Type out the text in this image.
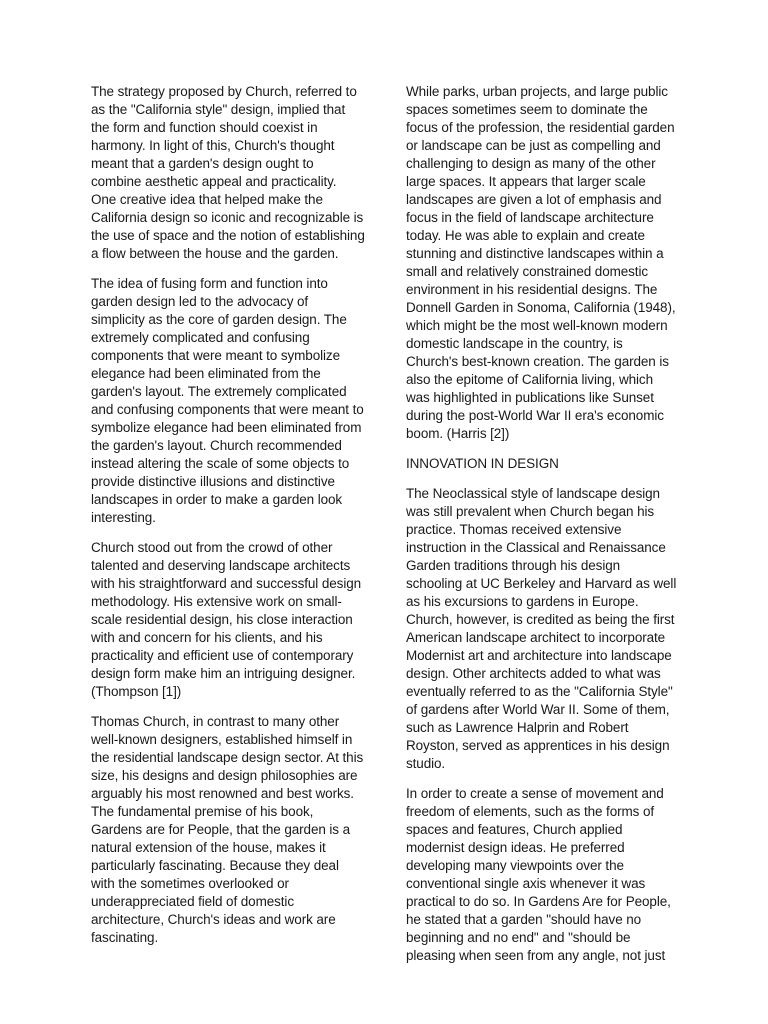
The strategy proposed by Church, referred to as the "California style" design, implied that the form and function should coexist in harmony. In light of this, Church's thought meant that a garden's design ought to combine aesthetic appeal and practicality. One creative idea that helped make the California design so iconic and recognizable is the use of space and the notion of establishing a flow between the house and the garden.

The idea of fusing form and function into garden design led to the advocacy of simplicity as the core of garden design. The extremely complicated and confusing components that were meant to symbolize elegance had been eliminated from the garden's layout. The extremely complicated and confusing components that were meant to symbolize elegance had been eliminated from the garden's layout. Church recommended instead altering the scale of some objects to provide distinctive illusions and distinctive landscapes in order to make a garden look interesting.

Church stood out from the crowd of other talented and deserving landscape architects with his straightforward and successful design methodology. His extensive work on small-scale residential design, his close interaction with and concern for his clients, and his practicality and efficient use of contemporary design form make him an intriguing designer. (Thompson [1])

Thomas Church, in contrast to many other well-known designers, established himself in the residential landscape design sector. At this size, his designs and design philosophies are arguably his most renowned and best works. The fundamental premise of his book, Gardens are for People, that the garden is a natural extension of the house, makes it particularly fascinating. Because they deal with the sometimes overlooked or underappreciated field of domestic architecture, Church's ideas and work are fascinating.

While parks, urban projects, and large public spaces sometimes seem to dominate the focus of the profession, the residential garden or landscape can be just as compelling and challenging to design as many of the other large spaces. It appears that larger scale landscapes are given a lot of emphasis and focus in the field of landscape architecture today. He was able to explain and create stunning and distinctive landscapes within a small and relatively constrained domestic environment in his residential designs. The Donnell Garden in Sonoma, California (1948), which might be the most well-known modern domestic landscape in the country, is Church's best-known creation. The garden is also the epitome of California living, which was highlighted in publications like Sunset during the post-World War II era's economic boom. (Harris [2])

INNOVATION IN DESIGN

The Neoclassical style of landscape design was still prevalent when Church began his practice. Thomas received extensive instruction in the Classical and Renaissance Garden traditions through his design schooling at UC Berkeley and Harvard as well as his excursions to gardens in Europe. Church, however, is credited as being the first American landscape architect to incorporate Modernist art and architecture into landscape design. Other architects added to what was eventually referred to as the "California Style" of gardens after World War II. Some of them, such as Lawrence Halprin and Robert Royston, served as apprentices in his design studio.

In order to create a sense of movement and freedom of elements, such as the forms of spaces and features, Church applied modernist design ideas. He preferred developing many viewpoints over the conventional single axis whenever it was practical to do so. In Gardens Are for People, he stated that a garden "should have no beginning and no end" and "should be pleasing when seen from any angle, not just
